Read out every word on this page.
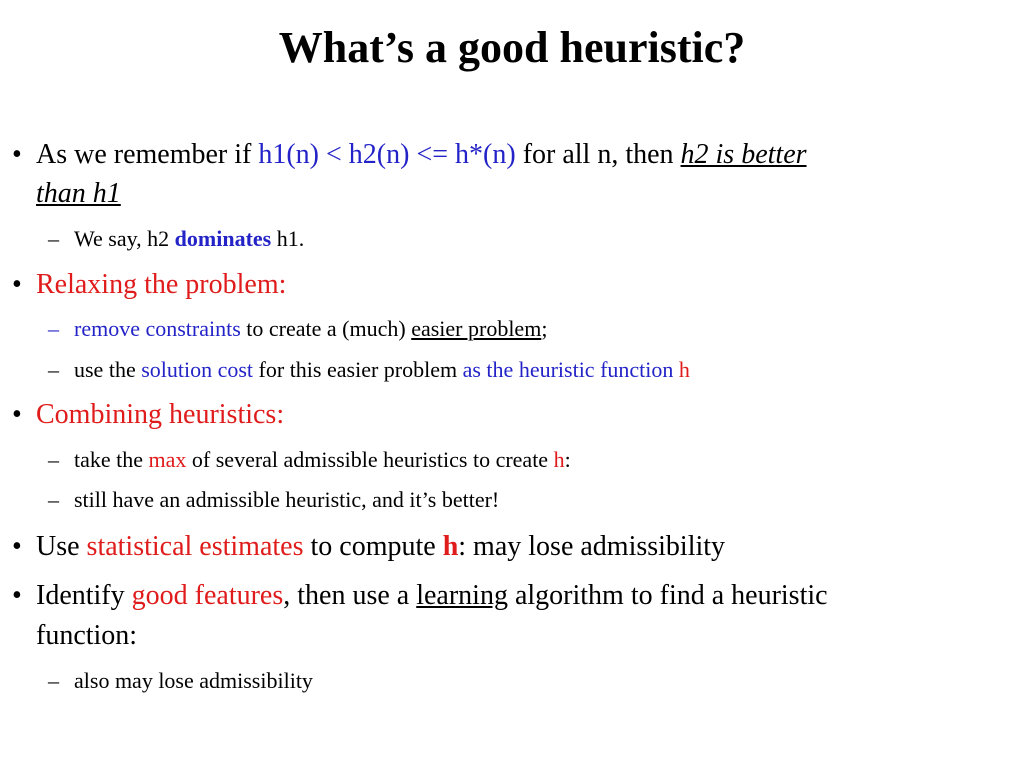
What’s a good heuristic?
• As we remember if h1(n) < h2(n) <= h*(n) for all n, then h2 is better
than h1
– We say, h2 dominates h1.
• Relaxing the problem:
– remove constraints to create a (much) easier problem;
– use the solution cost for this easier problem as the heuristic function h
• Combining heuristics:
– take the max of several admissible heuristics to create h:
– still have an admissible heuristic, and it’s better!
• Use statistical estimates to compute h: may lose admissibility
• Identify good features, then use a learning algorithm to find a heuristic
function:
– also may lose admissibility
